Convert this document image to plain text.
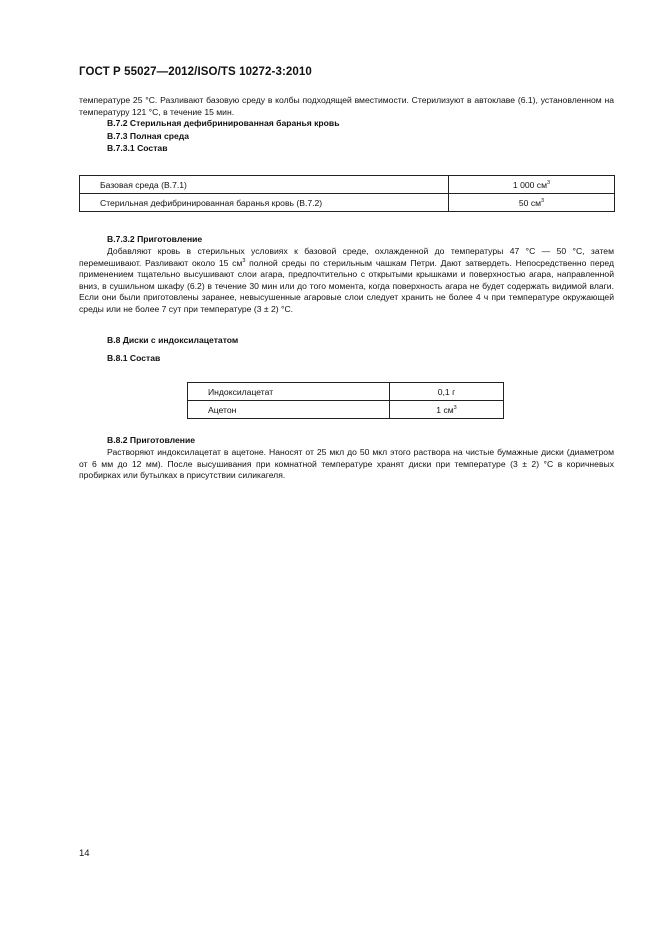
ГОСТ Р 55027—2012/ISO/TS 10272-3:2010
температуре 25 °С. Разливают базовую среду в колбы подходящей вместимости. Стерилизуют в автоклаве (6.1), установленном на температуру 121 °С, в течение 15 мин.
В.7.2 Стерильная дефибринированная баранья кровь
В.7.3 Полная среда
В.7.3.1 Состав
Базовая среда (В.7.1)	1 000 $см^3$
Стерильная дефибринированная баранья кровь (В.7.2)	50 $см^3$
В.7.3.2 Приготовление
Добавляют кровь в стерильных условиях к базовой среде, охлажденной до температуры 47 °С — 50 °С, затем перемешивают. Разливают около 15 $см^3$ полной среды по стерильным чашкам Петри. Дают затвердеть. Непосредственно перед применением тщательно высушивают слои агара, предпочтительно с открытыми крышками и поверхностью агара, направленной вниз, в сушильном шкафу (6.2) в течение 30 мин или до того момента, когда поверхность агара не будет содержать видимой влаги. Если они были приготовлены заранее, невысушенные агаровые слои следует хранить не более 4 ч при температуре окружающей среды или не более 7 сут при температуре (3 ± 2) °С.
В.8 Диски с индоксилацетатом
В.8.1 Состав
Индоксилацетат	0,1 г
Ацетон	1 $см^3$
В.8.2 Приготовление
Растворяют индоксилацетат в ацетоне. Наносят от 25 мкл до 50 мкл этого раствора на чистые бумажные диски (диаметром от 6 мм до 12 мм). После высушивания при комнатной температуре хранят диски при температуре (3 ± 2) °С в коричневых пробирках или бутылках в присутствии силикагеля.
14
